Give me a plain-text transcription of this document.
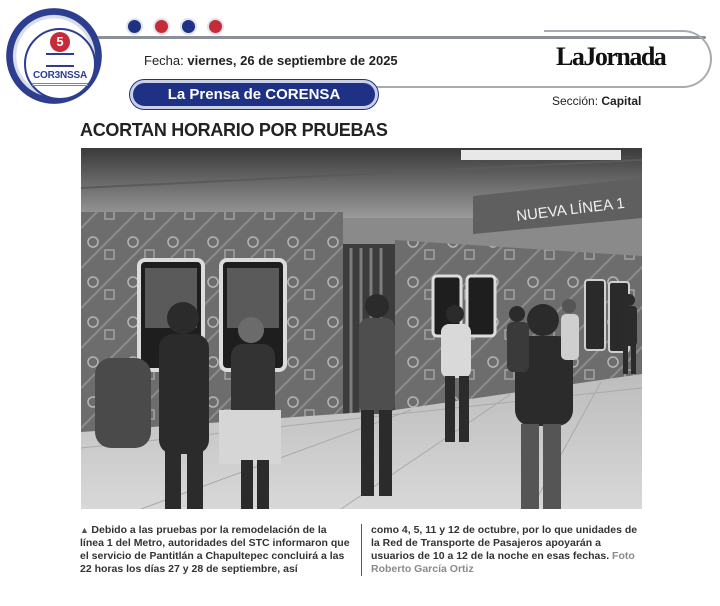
5
COR3NSSA
Fecha: viernes, 26 de septiembre de 2025	LaJornada
La Prensa de CORENSA	Sección: Capital
ACORTAN HORARIO POR PRUEBAS
NUEVA LÍNEA 1
▲ Debido a las pruebas por la remodelación de la línea 1 del Metro, autoridades del STC informaron que el servicio de Pantitlán a Chapultepec concluirá a las 22 horas los días 27 y 28 de septiembre, así
como 4, 5, 11 y 12 de octubre, por lo que unidades de la Red de Transporte de Pasajeros apoyarán a usuarios de 10 a 12 de la noche en esas fechas. Foto Roberto García Ortiz
